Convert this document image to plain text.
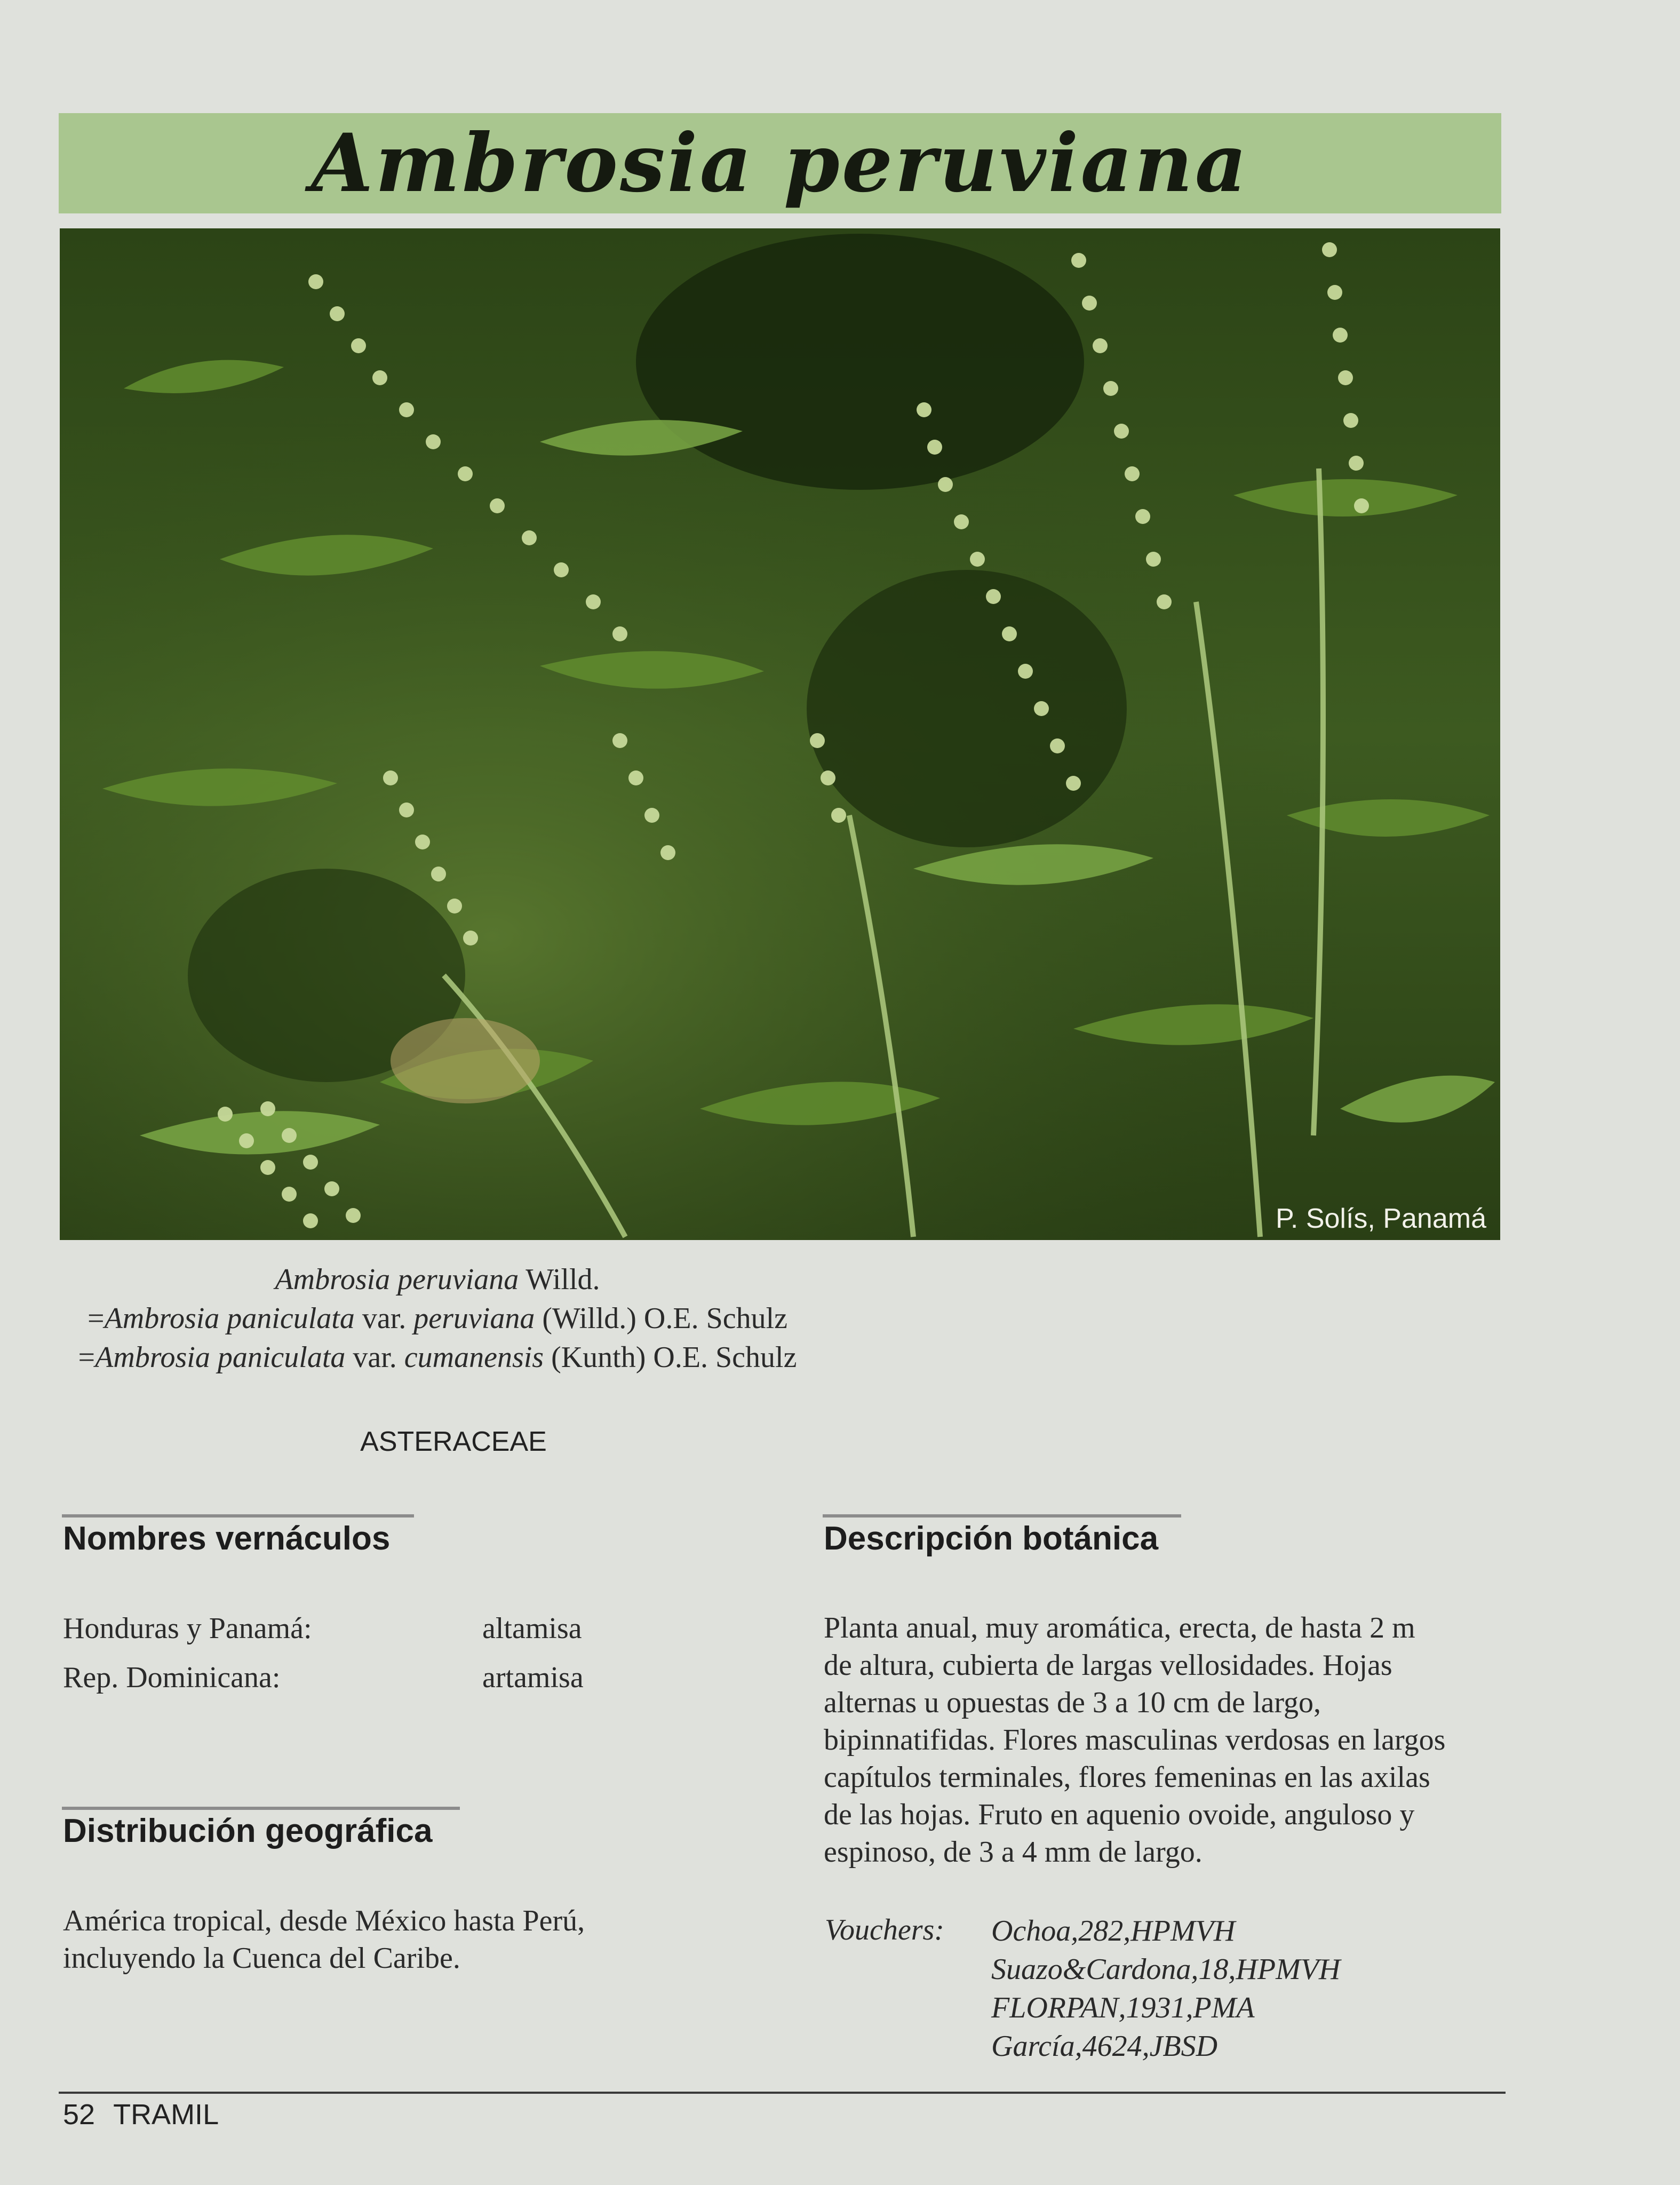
Ambrosia peruviana
P. Solís, Panamá
Ambrosia peruviana Willd.
=Ambrosia paniculata var. peruviana (Willd.) O.E. Schulz
=Ambrosia paniculata var. cumanensis (Kunth) O.E. Schulz
ASTERACEAE
Nombres vernáculos
Honduras y Panamá:	altamisa
Rep. Dominicana:	artamisa
Distribución geográfica
América tropical, desde México hasta Perú,
incluyendo la Cuenca del Caribe.
Descripción botánica
Planta anual, muy aromática, erecta, de hasta 2 m
de altura, cubierta de largas vellosidades. Hojas
alternas u opuestas de 3 a 10 cm de largo,
bipinnatifidas. Flores masculinas verdosas en largos
capítulos terminales, flores femeninas en las axilas
de las hojas. Fruto en aquenio ovoide, anguloso y
espinoso, de 3 a 4 mm de largo.
Vouchers: Ochoa,282,HPMVH
Suazo&Cardona,18,HPMVH
FLORPAN,1931,PMA
García,4624,JBSD
52 TRAMIL
